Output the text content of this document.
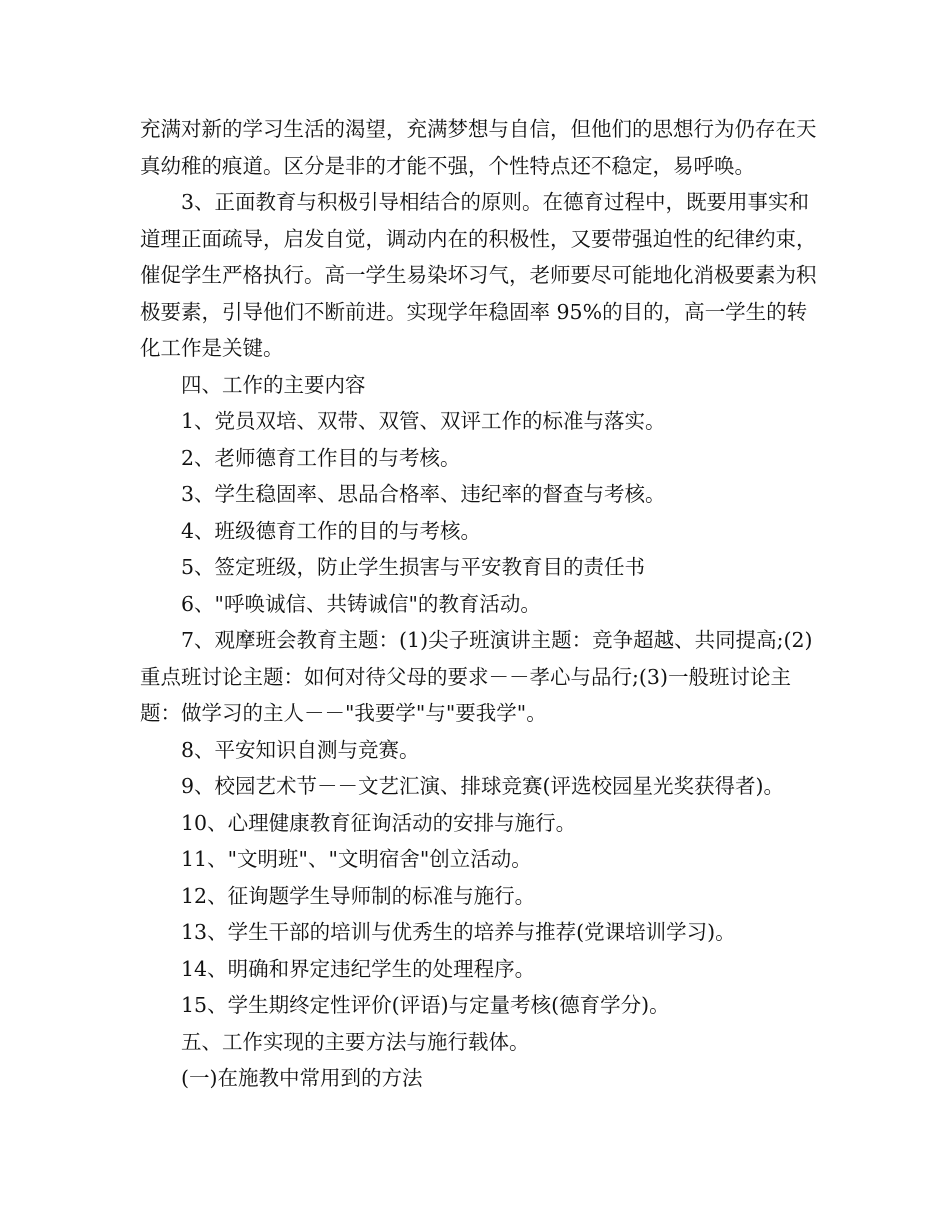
充满对新的学习生活的渴望，充满梦想与自信，但他们的思想行为仍存在天真幼稚的痕道。区分是非的才能不强，个性特点还不稳定，易呼唤。

3、正面教育与积极引导相结合的原则。在德育过程中，既要用事实和道理正面疏导，启发自觉，调动内在的积极性，又要带强迫性的纪律约束，催促学生严格执行。高一学生易染坏习气，老师要尽可能地化消极要素为积极要素，引导他们不断前进。实现学年稳固率 95%的目的，高一学生的转化工作是关键。

四、工作的主要内容

1、党员双培、双带、双管、双评工作的标准与落实。

2、老师德育工作目的与考核。

3、学生稳固率、思品合格率、违纪率的督查与考核。

4、班级德育工作的目的与考核。

5、签定班级，防止学生损害与平安教育目的责任书

6、"呼唤诚信、共铸诚信"的教育活动。

7、观摩班会教育主题：(1)尖子班演讲主题：竞争超越、共同提高;(2)重点班讨论主题：如何对待父母的要求－－孝心与品行;(3)一般班讨论主题：做学习的主人－－"我要学"与"要我学"。

8、平安知识自测与竞赛。

9、校园艺术节－－文艺汇演、排球竞赛(评选校园星光奖获得者)。

10、心理健康教育征询活动的安排与施行。

11、"文明班"、"文明宿舍"创立活动。

12、征询题学生导师制的标准与施行。

13、学生干部的培训与优秀生的培养与推荐(党课培训学习)。

14、明确和界定违纪学生的处理程序。

15、学生期终定性评价(评语)与定量考核(德育学分)。

五、工作实现的主要方法与施行载体。

(一)在施教中常用到的方法
